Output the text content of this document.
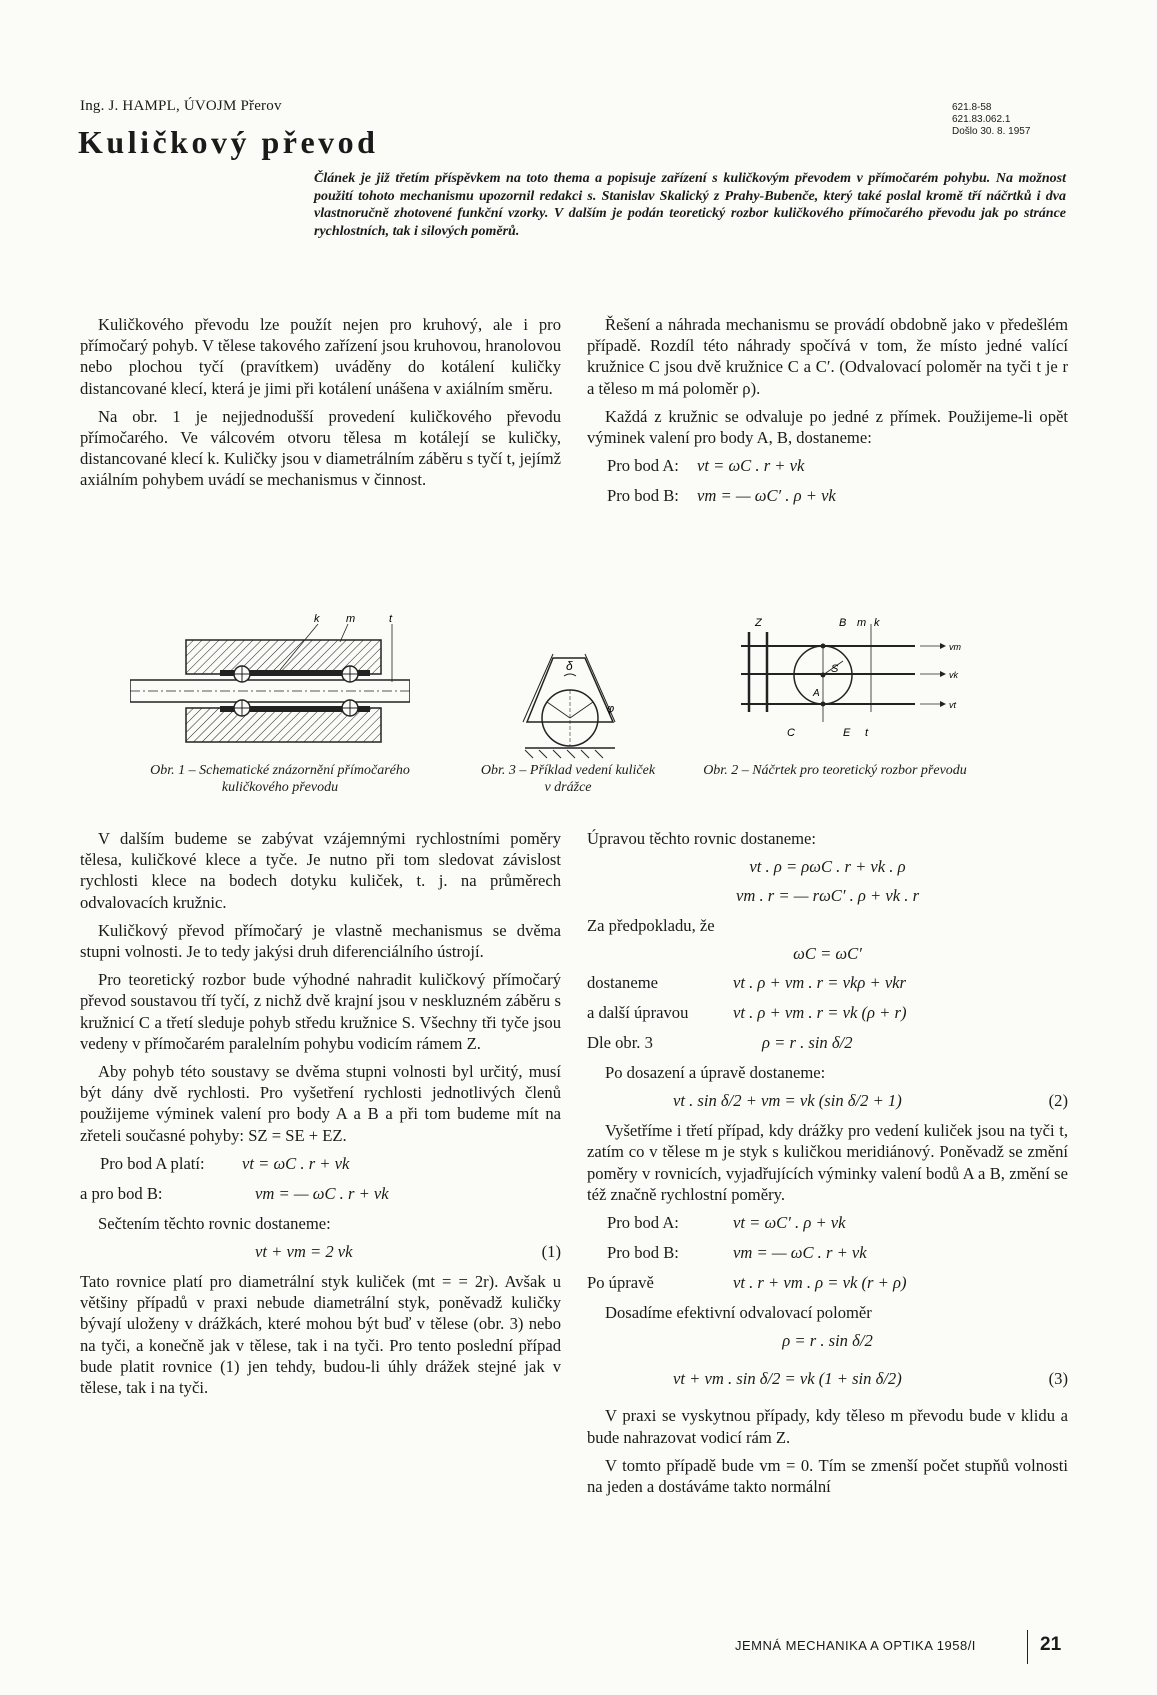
Ing. J. HAMPL, ÚVOJM Přerov
Kuličkový převod
621.8-58
621.83.062.1
Došlo 30. 8. 1957
Článek je již třetím příspěvkem na toto thema a popisuje zařízení s kuličkovým převodem v přímočarém pohybu. Na možnost použití tohoto mechanismu upozornil redakci s. Stanislav Skalický z Prahy-Bubenče, který také poslal kromě tří náčrtků i dva vlastnoručně zhotovené funkční vzorky. V dalším je podán teoretický rozbor kuličkového přímočarého převodu jak po stránce rychlostních, tak i silových poměrů.

Kuličkového převodu lze použít nejen pro kruhový, ale i pro přímočarý pohyb. V tělese takového zařízení jsou kruhovou, hranolovou nebo plochou tyčí (pravítkem) uváděny do kotálení kuličky distancované klecí, která je jimi při kotálení unášena v axiálním směru.

Na obr. 1 je nejjednodušší provedení kuličkového převodu přímočarého. Ve válcovém otvoru tělesa m kotálejí se kuličky, distancované klecí k. Kuličky jsou v diametrálním záběru s tyčí t, jejímž axiálním pohybem uvádí se mechanismus v činnost.

Řešení a náhrada mechanismu se provádí obdobně jako v předešlém případě. Rozdíl této náhrady spočívá v tom, že místo jedné valící kružnice C jsou dvě kružnice C a C′. (Odvalovací poloměr na tyči t je r a těleso m má poloměr ρ).

Každá z kružnic se odvaluje po jedné z přímek. Použijeme-li opět výminek valení pro body A, B, dostaneme:

Pro bod A: vt = ωC . r + vk
Pro bod B: vm = — ωC′ . ρ + vk
k m	t
δ
φ
Z	B m k
S
A
C	E t
vm
vk
vt
Obr. 1 – Schematické znázornění přímočarého kuličkového převodu
Obr. 3 – Příklad vedení kuliček v drážce
Obr. 2 – Náčrtek pro teoretický rozbor převodu

V dalším budeme se zabývat vzájemnými rychlostními poměry tělesa, kuličkové klece a tyče. Je nutno při tom sledovat závislost rychlosti klece na bodech dotyku kuliček, t. j. na průměrech odvalovacích kružnic.

Kuličkový převod přímočarý je vlastně mechanismus se dvěma stupni volnosti. Je to tedy jakýsi druh diferenciálního ústrojí.

Pro teoretický rozbor bude výhodné nahradit kuličkový přímočarý převod soustavou tří tyčí, z nichž dvě krajní jsou v neskluzném záběru s kružnicí C a třetí sleduje pohyb středu kružnice S. Všechny tři tyče jsou vedeny v přímočarém paralelním pohybu vodicím rámem Z.

Aby pohyb této soustavy se dvěma stupni volnosti byl určitý, musí být dány dvě rychlosti. Pro vyšetření rychlosti jednotlivých členů použijeme výminek valení pro body A a B a při tom budeme mít na zřeteli současné pohyby: SZ = SE + EZ.

Pro bod A platí: vt = ωC . r + vk
a pro bod B:	vm = — ωC . r + vk

Sečtením těchto rovnic dostaneme:

vt + vm = 2 vk	(1)

Tato rovnice platí pro diametrální styk kuliček (mt = = 2r). Avšak u většiny případů v praxi nebude diametrální styk, poněvadž kuličky bývají uloženy v drážkách, které mohou být buď v tělese (obr. 3) nebo na tyči, a konečně jak v tělese, tak i na tyči. Pro tento poslední případ bude platit rovnice (1) jen tehdy, budou-li úhly drážek stejné jak v tělese, tak i na tyči.

Úpravou těchto rovnic dostaneme:

vt . ρ = ρωC . r + vk . ρ
vm . r = — rωC′ . ρ + vk . r

Za předpokladu, že

ωC = ωC′
dostaneme	vt . ρ + vm . r = vkρ + vkr
a další úpravou	vt . ρ + vm . r = vk (ρ + r)
Dle obr. 3	ρ = r . sin δ/2

Po dosazení a úpravě dostaneme:

vt . sin δ/2 + vm = vk (sin δ/2 + 1)	(2)

Vyšetříme i třetí případ, kdy drážky pro vedení kuliček jsou na tyči t, zatím co v tělese m je styk s kuličkou meridiánový. Poněvadž se změní poměry v rovnicích, vyjadřujících výminky valení bodů A a B, změní se též značně rychlostní poměry.

Pro bod A:	vt = ωC′ . ρ + vk
Pro bod B:	vm = — ωC . r + vk
Po úpravě	vt . r + vm . ρ = vk (r + ρ)

Dosadíme efektivní odvalovací poloměr

ρ = r . sin δ/2
vt + vm . sin δ/2 = vk (1 + sin δ/2)	(3)

V praxi se vyskytnou případy, kdy těleso m převodu bude v klidu a bude nahrazovat vodicí rám Z.

V tomto případě bude vm = 0. Tím se zmenší počet stupňů volnosti na jeden a dostáváme takto normální

JEMNÁ MECHANIKA A OPTIKA 1958/I	21
